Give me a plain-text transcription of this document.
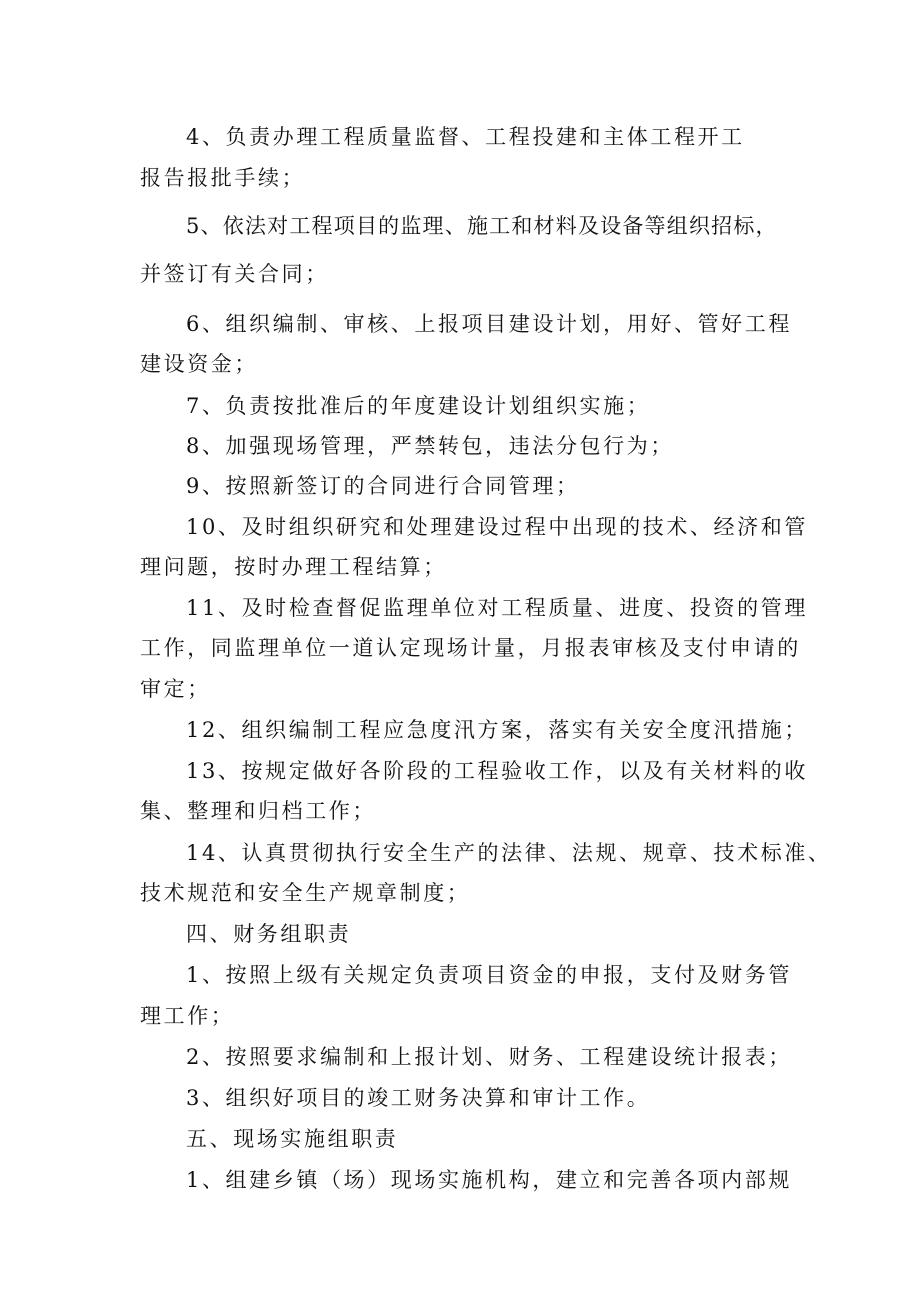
4、负责办理工程质量监督、工程投建和主体工程开工
报告报批手续；
5、依法对工程项目的监理、施工和材料及设备等组织招标，
并签订有关合同；
6、组织编制、审核、上报项目建设计划，用好、管好工程
建设资金；
7、负责按批准后的年度建设计划组织实施；
8、加强现场管理，严禁转包，违法分包行为；
9、按照新签订的合同进行合同管理；
10、及时组织研究和处理建设过程中出现的技术、经济和管
理问题，按时办理工程结算；
11、及时检查督促监理单位对工程质量、进度、投资的管理
工作，同监理单位一道认定现场计量，月报表审核及支付申请的
审定；
12、组织编制工程应急度汛方案，落实有关安全度汛措施；
13、按规定做好各阶段的工程验收工作，以及有关材料的收
集、整理和归档工作；
14、认真贯彻执行安全生产的法律、法规、规章、技术标准、
技术规范和安全生产规章制度；
四、财务组职责
1、按照上级有关规定负责项目资金的申报，支付及财务管
理工作；
2、按照要求编制和上报计划、财务、工程建设统计报表；
3、组织好项目的竣工财务决算和审计工作。
五、现场实施组职责
1、组建乡镇（场）现场实施机构，建立和完善各项内部规
